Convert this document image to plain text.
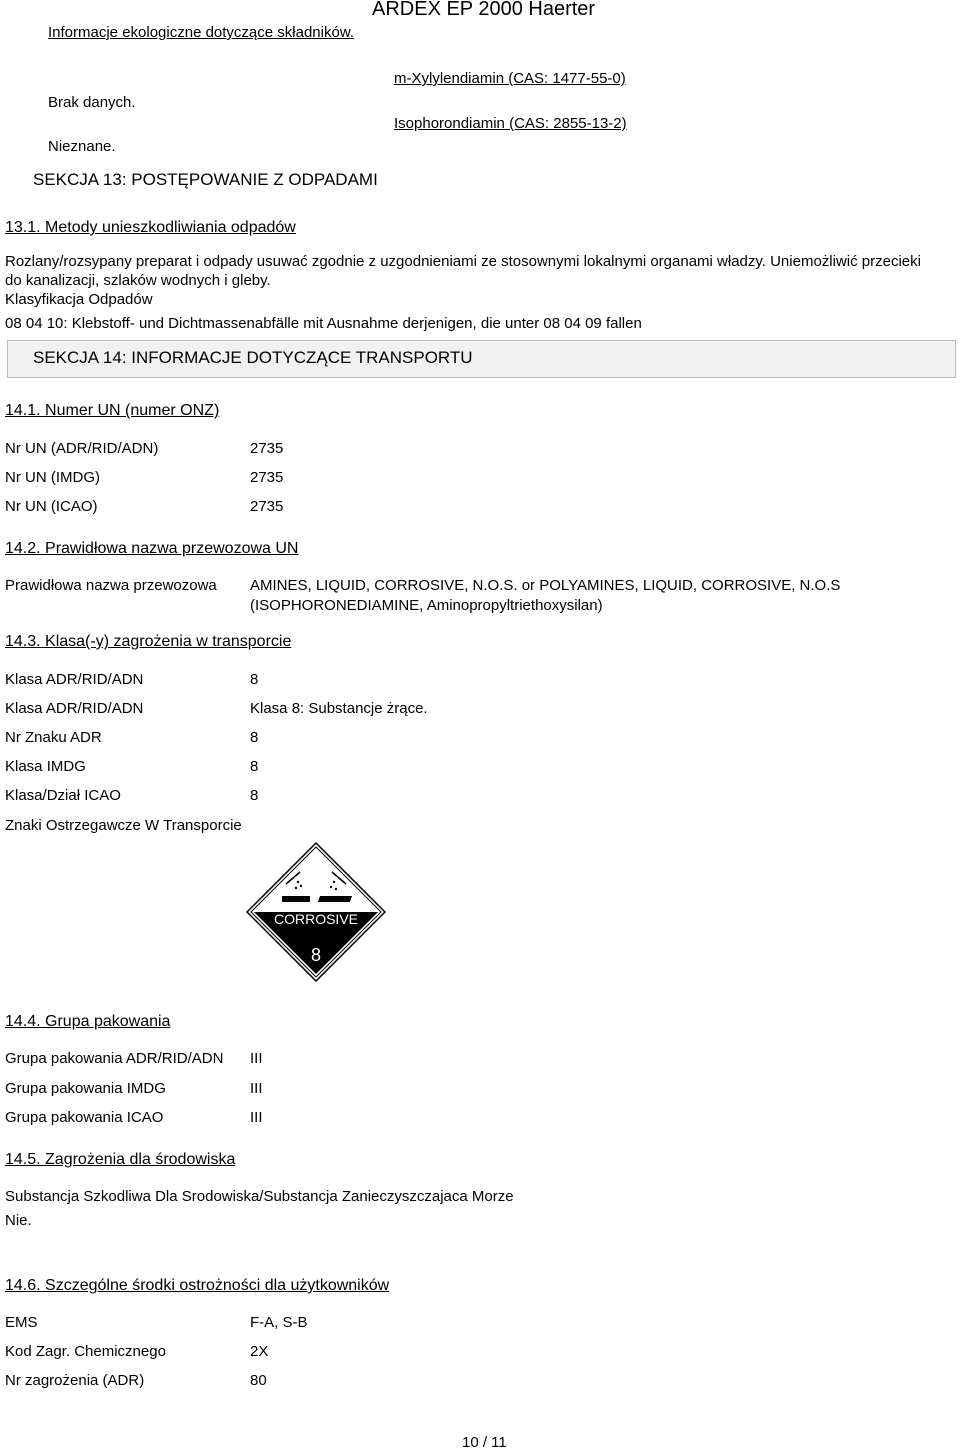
Informacje ekologiczne dotyczące składników.
ARDEX EP 2000 Haerter
Brak danych.
Nieznane.
m-Xylylendiamin (CAS: 1477-55-0)
Isophorondiamin (CAS: 2855-13-2)
SEKCJA 13: POSTĘPOWANIE Z ODPADAMI
13.1. Metody unieszkodliwiania odpadów
Rozlany/rozsypany preparat i odpady usuwać zgodnie z uzgodnieniami ze stosownymi lokalnymi organami władzy. Uniemożliwić przecieki
do kanalizacji, szlaków wodnych i gleby.
Klasyfikacja Odpadów
08 04 10: Klebstoff- und Dichtmassenabfälle mit Ausnahme derjenigen, die unter 08 04 09 fallen
SEKCJA 14: INFORMACJE DOTYCZĄCE TRANSPORTU
14.1. Numer UN (numer ONZ)
Nr UN (ADR/RID/ADN)	2735
Nr UN (IMDG)	2735
Nr UN (ICAO)	2735
14.2. Prawidłowa nazwa przewozowa UN
Prawidłowa nazwa przewozowa AMINES, LIQUID, CORROSIVE, N.O.S. or POLYAMINES, LIQUID, CORROSIVE, N.O.S
(ISOPHORONEDIAMINE, Aminopropyltriethoxysilan)
14.3. Klasa(-y) zagrożenia w transporcie
Klasa ADR/RID/ADN	8
Klasa ADR/RID/ADN	Klasa 8: Substancje żrące.
Nr Znaku ADR	8
Klasa IMDG	8
Klasa/Dział ICAO	8
Znaki Ostrzegawcze W Transporcie
CORROSIVE
8
14.4. Grupa pakowania
Grupa pakowania ADR/RID/ADN III
Grupa pakowania IMDG	III
Grupa pakowania ICAO	III
14.5. Zagrożenia dla środowiska
Substancja Szkodliwa Dla Srodowiska/Substancja Zanieczyszczajaca Morze
Nie.
14.6. Szczególne środki ostrożności dla użytkowników
EMS	F-A, S-B
Kod Zagr. Chemicznego	2X
Nr zagrożenia (ADR)	80
10 / 11
